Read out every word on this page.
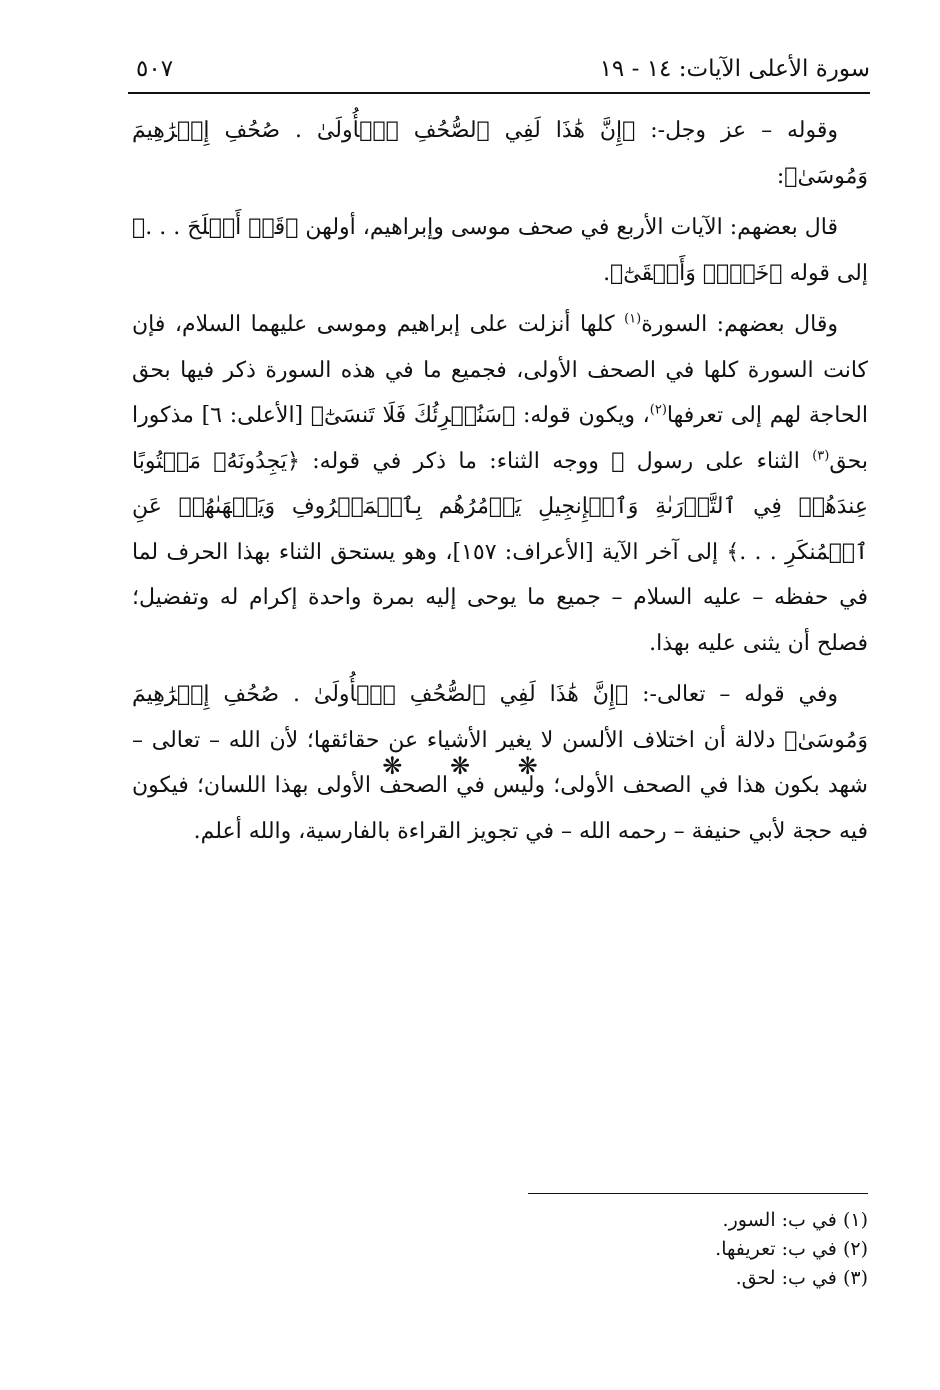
سورة الأعلى الآيات: ١٤ - ١٩
٥٠٧

وقوله – عز وجل-: ﴿إِنَّ هَٰذَا لَفِي ٱلصُّحُفِ ٱلۡأُولَىٰ . صُحُفِ إِبۡرَٰهِيمَ وَمُوسَىٰ﴾:

قال بعضهم: الآيات الأربع في صحف موسى وإبراهيم، أولهن ﴿قَدۡ أَفۡلَحَ . . .﴾ إلى قوله ﴿خَيۡرٞ وَأَبۡقَىٰٓ﴾.

وقال بعضهم: السورة$^{(١)}$ كلها أنزلت على إبراهيم وموسى عليهما السلام، فإن كانت السورة كلها في الصحف الأولى، فجميع ما في هذه السورة ذكر فيها بحق الحاجة لهم إلى تعرفها$^{(٢)}$، ويكون قوله: ﴿سَنُقۡرِئُكَ فَلَا تَنسَىٰٓ﴾ [الأعلى: ٦] مذكورا بحق$^{(٣)}$ الثناء على رسول ﷺ ووجه الثناء: ما ذكر في قوله: ﴿يَجِدُونَهُۥ مَكۡتُوبًا عِندَهُمۡ فِي ٱلتَّوۡرَىٰةِ وَٱلۡإِنجِيلِ يَأۡمُرُهُم بِٱلۡمَعۡرُوفِ وَيَنۡهَىٰهُمۡ عَنِ ٱلۡمُنكَرِ . . .﴾ إلى آخر الآية [الأعراف: ١٥٧]، وهو يستحق الثناء بهذا الحرف لما في حفظه – عليه السلام – جميع ما يوحى إليه بمرة واحدة إكرام له وتفضيل؛ فصلح أن يثنى عليه بهذا.

وفي قوله – تعالى-: ﴿إِنَّ هَٰذَا لَفِي ٱلصُّحُفِ ٱلۡأُولَىٰ . صُحُفِ إِبۡرَٰهِيمَ وَمُوسَىٰ﴾ دلالة أن اختلاف الألسن لا يغير الأشياء عن حقائقها؛ لأن الله – تعالى – شهد بكون هذا في الصحف الأولى؛ وليس في الصحف الأولى بهذا اللسان؛ فيكون فيه حجة لأبي حنيفة – رحمه الله – في تجويز القراءة بالفارسية، والله أعلم.

❋ ❋ ❋
(١) في ب: السور.
(٢) في ب: تعريفها.
(٣) في ب: لحق.
